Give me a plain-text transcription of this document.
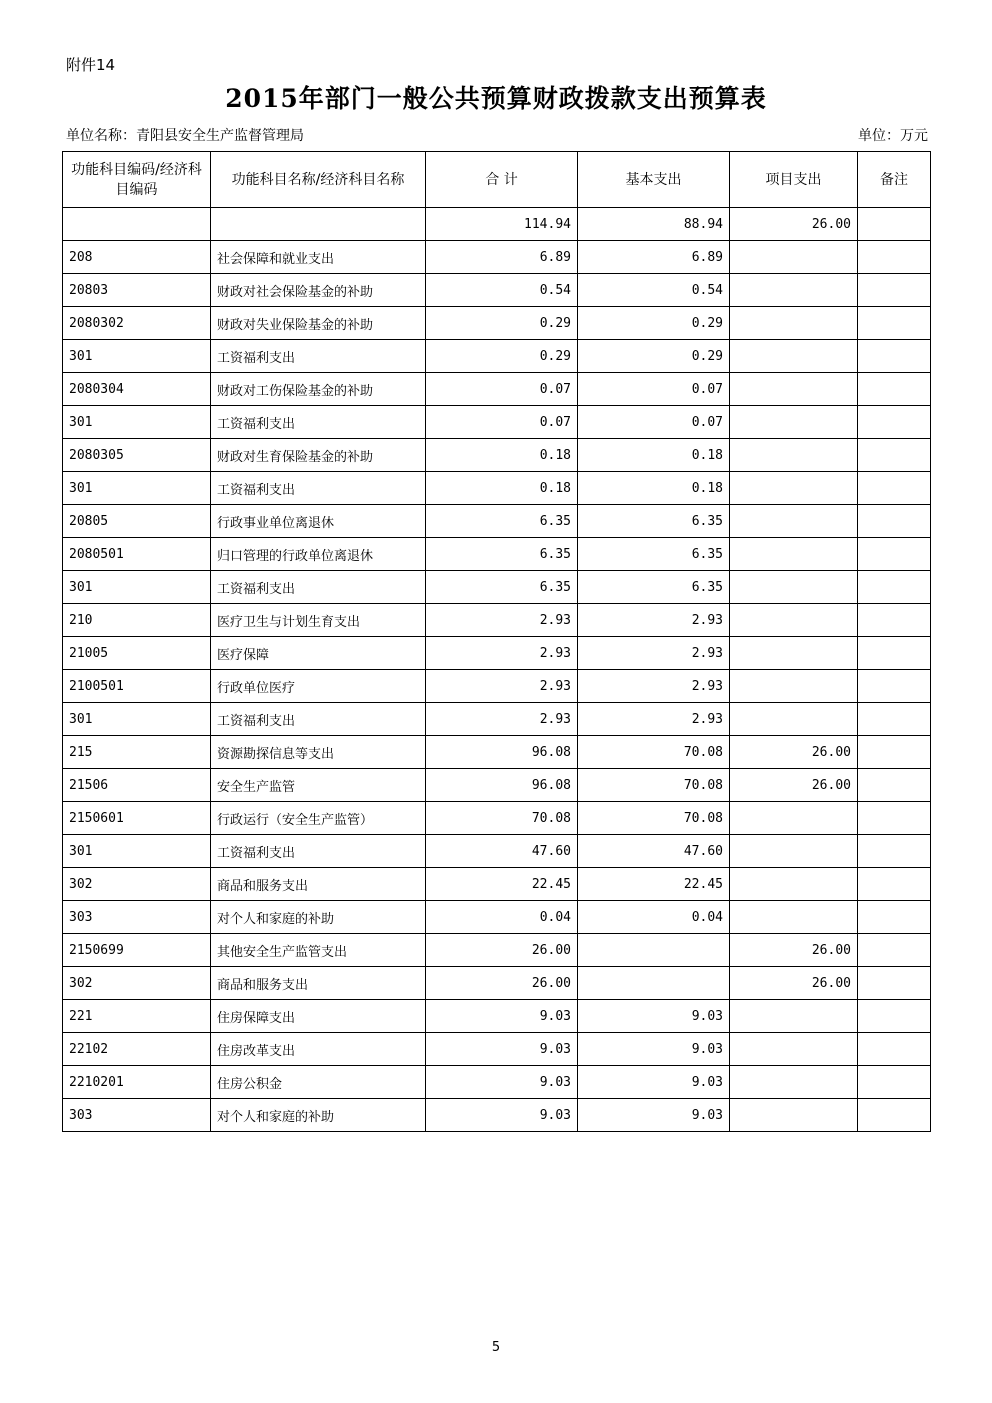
附件14
2015年部门一般公共预算财政拨款支出预算表
单位名称：青阳县安全生产监督管理局	单位：万元
功能科目编码/经济科目编码	功能科目名称/经济科目名称	合 计	基本支出	项目支出	备注
		114.94	88.94	26.00	
208	社会保障和就业支出	6.89	6.89		
20803	财政对社会保险基金的补助	0.54	0.54		
2080302	财政对失业保险基金的补助	0.29	0.29		
301	工资福利支出	0.29	0.29		
2080304	财政对工伤保险基金的补助	0.07	0.07		
301	工资福利支出	0.07	0.07		
2080305	财政对生育保险基金的补助	0.18	0.18		
301	工资福利支出	0.18	0.18		
20805	行政事业单位离退休	6.35	6.35		
2080501	归口管理的行政单位离退休	6.35	6.35		
301	工资福利支出	6.35	6.35		
210	医疗卫生与计划生育支出	2.93	2.93		
21005	医疗保障	2.93	2.93		
2100501	行政单位医疗	2.93	2.93		
301	工资福利支出	2.93	2.93		
215	资源勘探信息等支出	96.08	70.08	26.00	
21506	安全生产监管	96.08	70.08	26.00	
2150601	行政运行（安全生产监管）	70.08	70.08		
301	工资福利支出	47.60	47.60		
302	商品和服务支出	22.45	22.45		
303	对个人和家庭的补助	0.04	0.04		
2150699	其他安全生产监管支出	26.00		26.00	
302	商品和服务支出	26.00		26.00	
221	住房保障支出	9.03	9.03		
22102	住房改革支出	9.03	9.03		
2210201	住房公积金	9.03	9.03		
303	对个人和家庭的补助	9.03	9.03		
5
